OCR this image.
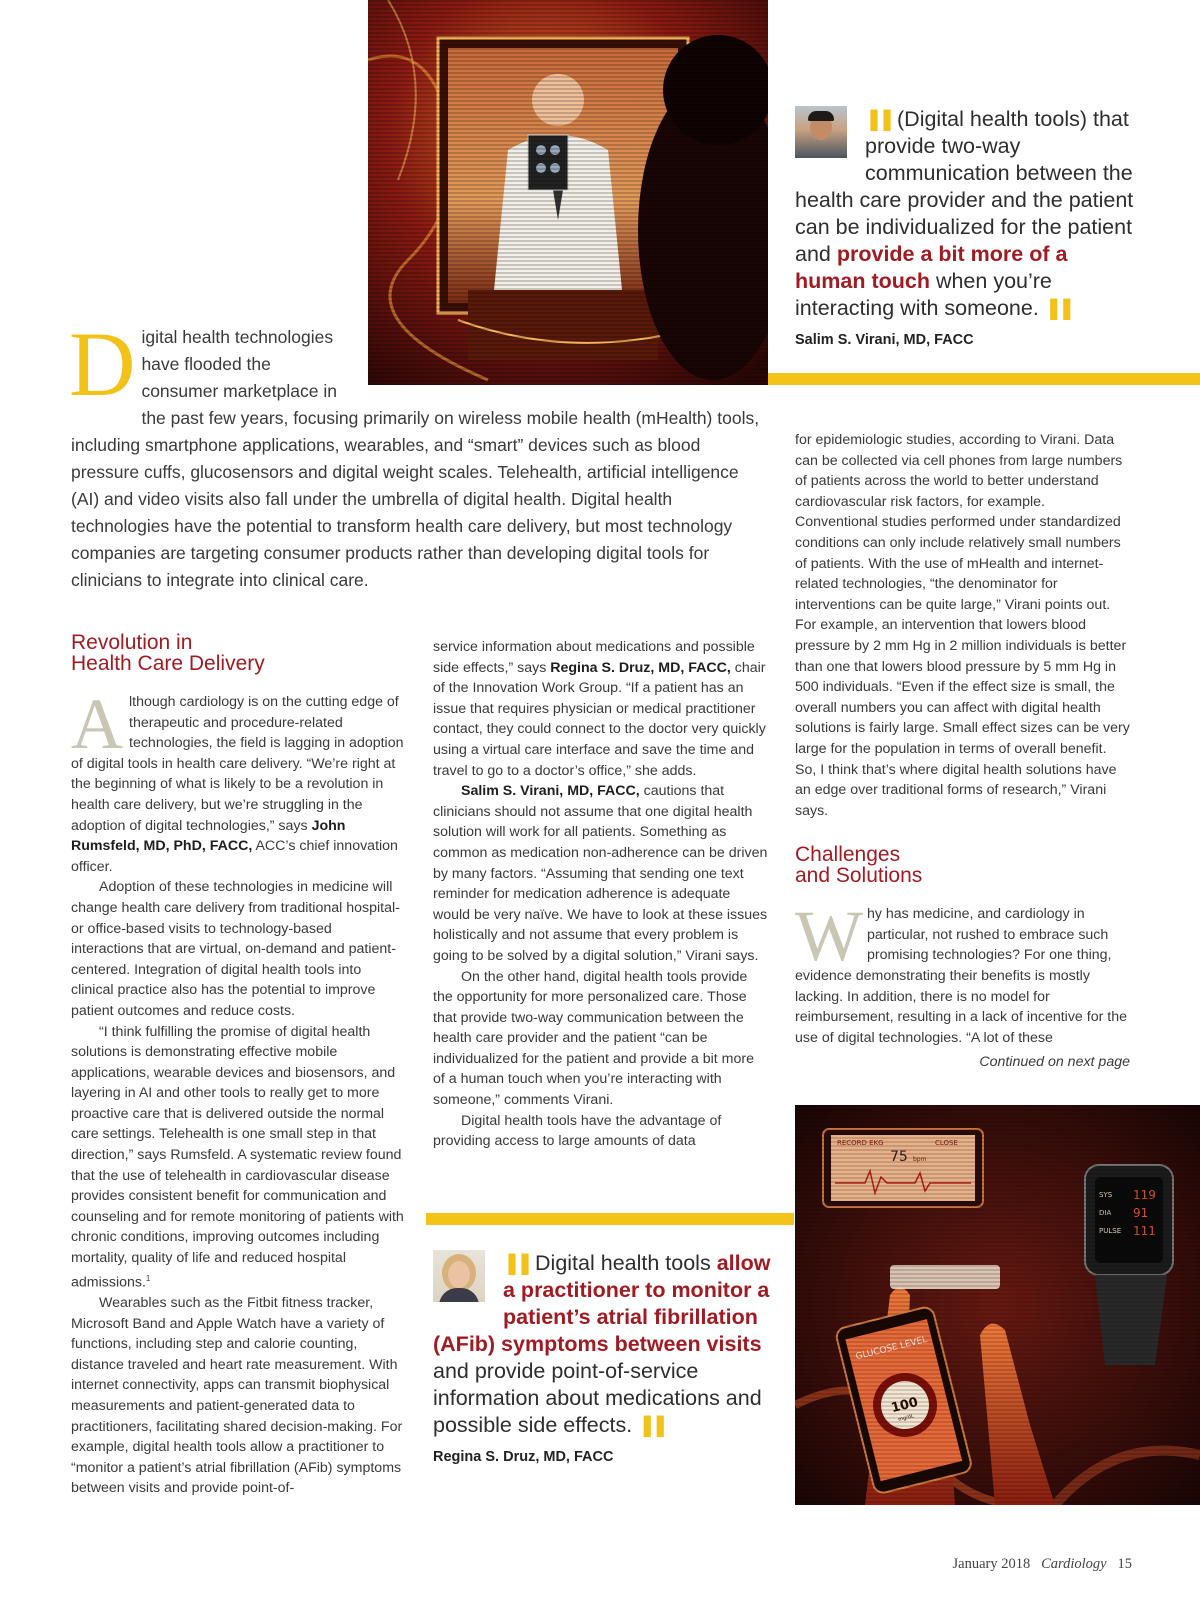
❚❚ (Digital health tools) that provide two-way communication between the health care provider and the patient can be individualized for the patient and provide a bit more of a human touch when you’re interacting with someone. ❚❚
Salim S. Virani, MD, FACC
D igital health technologies have flooded the consumer marketplace in the past few years, focusing primarily on wireless mobile health (mHealth) tools, including smartphone applications, wearables, and “smart” devices such as blood pressure cuffs, glucosensors and digital weight scales. Telehealth, artificial intelligence (AI) and video visits also fall under the umbrella of digital health. Digital health technologies have the potential to transform health care delivery, but most technology companies are targeting consumer products rather than developing digital tools for clinicians to integrate into clinical care.
Revolution in
Health Care Delivery

A lthough cardiology is on the cutting edge of therapeutic and procedure-related technologies, the field is lagging in adoption of digital tools in health care delivery. “We’re right at the beginning of what is likely to be a revolution in health care delivery, but we’re struggling in the adoption of digital technologies,” says John Rumsfeld, MD, PhD, FACC, ACC’s chief innovation officer.

Adoption of these technologies in medicine will change health care delivery from traditional hospital- or office-based visits to technology-based interactions that are virtual, on-demand and patient-centered. Integration of digital health tools into clinical practice also has the potential to improve patient outcomes and reduce costs.

“I think fulfilling the promise of digital health solutions is demonstrating effective mobile applications, wearable devices and biosensors, and layering in AI and other tools to really get to more proactive care that is delivered outside the normal care settings. Telehealth is one small step in that direction,” says Rumsfeld. A systematic review found that the use of telehealth in cardiovascular disease provides consistent benefit for communication and counseling and for remote monitoring of patients with chronic conditions, improving outcomes including mortality, quality of life and reduced hospital admissions.$^1$

Wearables such as the Fitbit fitness tracker, Microsoft Band and Apple Watch have a variety of functions, including step and calorie counting, distance traveled and heart rate measurement. With internet connectivity, apps can transmit biophysical measurements and patient-generated data to practitioners, facilitating shared decision-making. For example, digital health tools allow a practitioner to “monitor a patient’s atrial fibrillation (AFib) symptoms between visits and provide point-of-

service information about medications and possible side effects,” says Regina S. Druz, MD, FACC, chair of the Innovation Work Group. “If a patient has an issue that requires physician or medical practitioner contact, they could connect to the doctor very quickly using a virtual care interface and save the time and travel to go to a doctor’s office,” she adds.

Salim S. Virani, MD, FACC, cautions that clinicians should not assume that one digital health solution will work for all patients. Something as common as medication non-adherence can be driven by many factors. “Assuming that sending one text reminder for medication adherence is adequate would be very naïve. We have to look at these issues holistically and not assume that every problem is going to be solved by a digital solution,” Virani says.

On the other hand, digital health tools provide the opportunity for more personalized care. Those that provide two-way communication between the health care provider and the patient “can be individualized for the patient and provide a bit more of a human touch when you’re interacting with someone,” comments Virani.

Digital health tools have the advantage of providing access to large amounts of data

❚❚ Digital health tools allow a practitioner to monitor a patient’s atrial fibrillation (AFib) symptoms between visits and provide point-of-service information about medications and possible side effects. ❚❚
Regina S. Druz, MD, FACC

for epidemiologic studies, according to Virani. Data can be collected via cell phones from large numbers of patients across the world to better understand cardiovascular risk factors, for example. Conventional studies performed under standardized conditions can only include relatively small numbers of patients. With the use of mHealth and internet-related technologies, “the denominator for interventions can be quite large,” Virani points out. For example, an intervention that lowers blood pressure by 2 mm Hg in 2 million individuals is better than one that lowers blood pressure by 5 mm Hg in 500 individuals. “Even if the effect size is small, the overall numbers you can affect with digital health solutions is fairly large. Small effect sizes can be very large for the population in terms of overall benefit. So, I think that’s where digital health solutions have an edge over traditional forms of research,” Virani says.

Challenges
and Solutions

W hy has medicine, and cardiology in particular, not rushed to embrace such promising technologies? For one thing, evidence demonstrating their benefits is mostly lacking. In addition, there is no model for reimbursement, resulting in a lack of incentive for the use of digital technologies. “A lot of these

Continued on next page
January 2018 Cardiology 15
